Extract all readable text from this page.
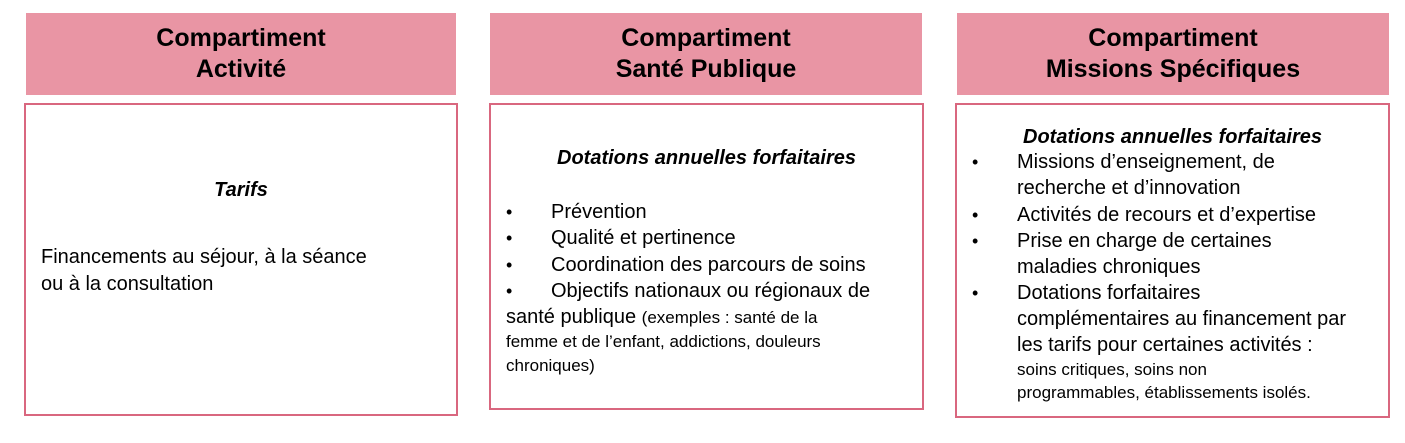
Compartiment
Activité
Tarifs
Financements au séjour, à la séance
ou à la consultation
Compartiment
Santé Publique
Dotations annuelles forfaitaires
• Prévention
• Qualité et pertinence
• Coordination des parcours de soins
• Objectifs nationaux ou régionaux de
santé publique (exemples : santé de la
femme et de l’enfant, addictions, douleurs
chroniques)
Compartiment
Missions Spécifiques
Dotations annuelles forfaitaires
• Missions d’enseignement, de
recherche et d’innovation
• Activités de recours et d’expertise
• Prise en charge de certaines
maladies chroniques
• Dotations forfaitaires
complémentaires au financement par
les tarifs pour certaines activités :
soins critiques, soins non
programmables, établissements isolés.
